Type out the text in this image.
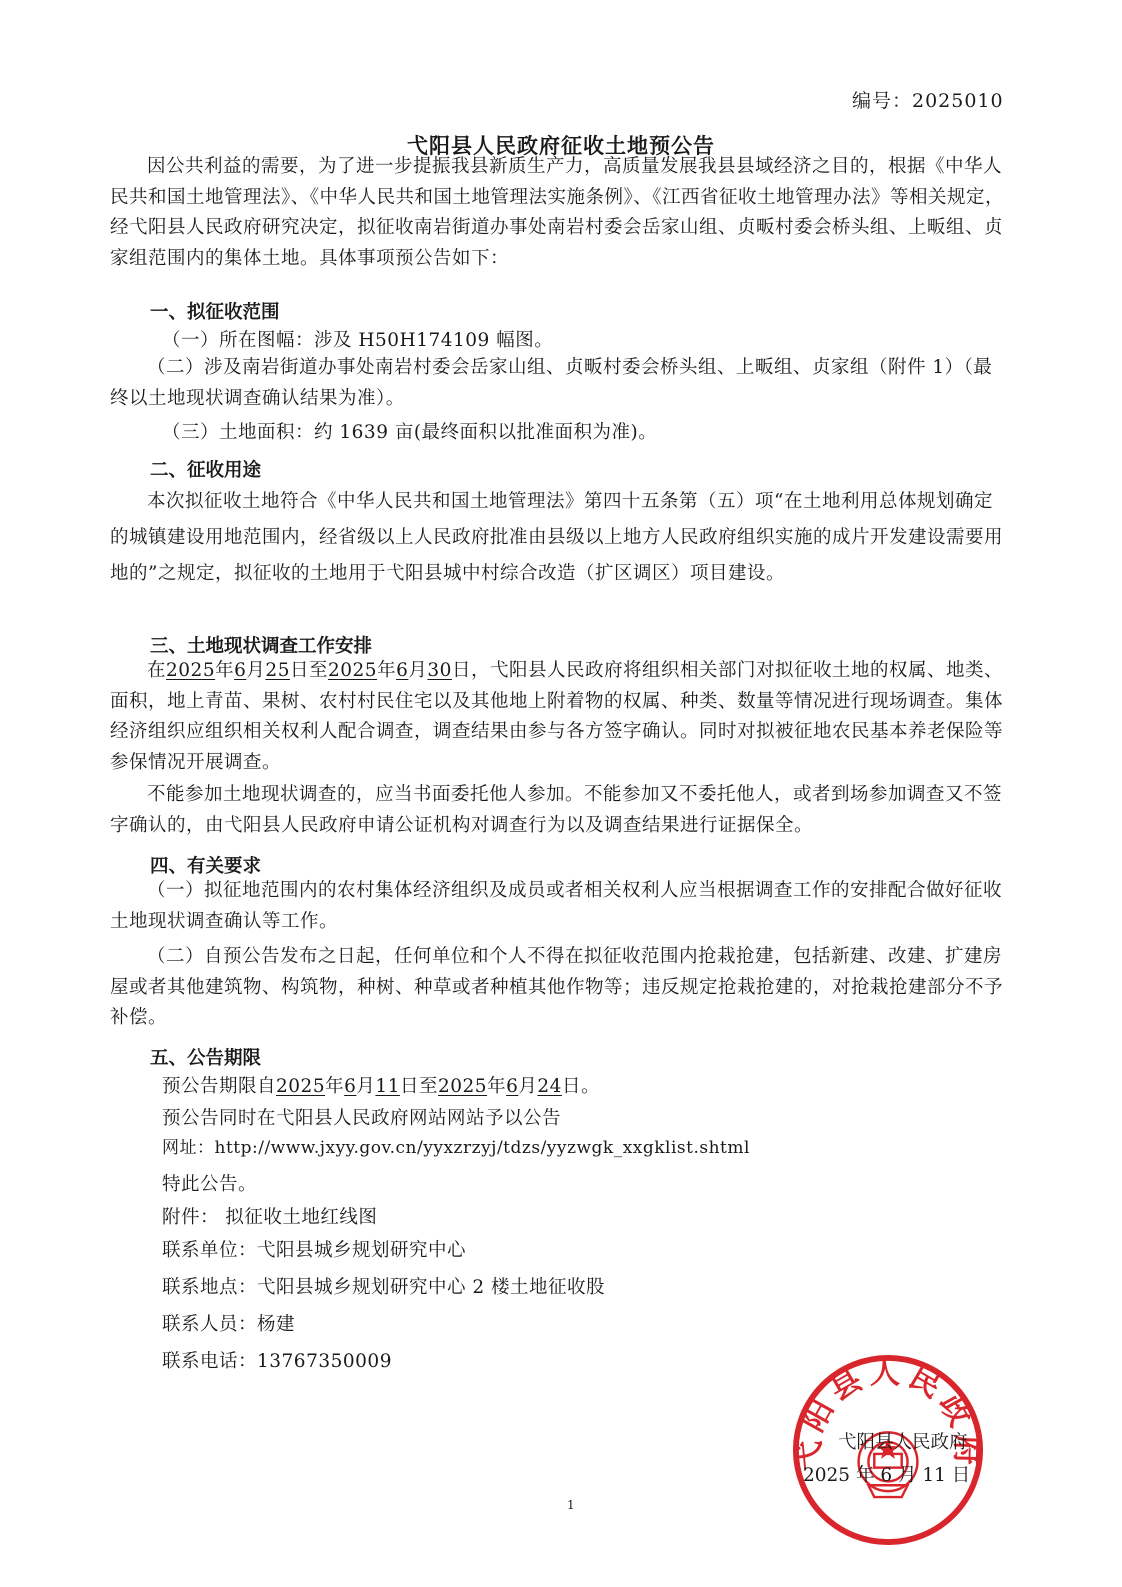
编号：2025010
弋阳县人民政府征收土地预公告
因公共利益的需要，为了进一步提振我县新质生产力，高质量发展我县县域经济之目的，根据《中华人民共和国土地管理法》、《中华人民共和国土地管理法实施条例》、《江西省征收土地管理办法》等相关规定，经弋阳县人民政府研究决定，拟征收南岩街道办事处南岩村委会岳家山组、贞畈村委会桥头组、上畈组、贞家组范围内的集体土地。具体事项预公告如下：
一、拟征收范围
（一）所在图幅：涉及 H50H174109 幅图。
（二）涉及南岩街道办事处南岩村委会岳家山组、贞畈村委会桥头组、上畈组、贞家组（附件 1）（最终以土地现状调查确认结果为准）。
（三）土地面积：约 1639 亩(最终面积以批准面积为准)。
二、征收用途
本次拟征收土地符合《中华人民共和国土地管理法》第四十五条第（五）项“在土地利用总体规划确定的城镇建设用地范围内，经省级以上人民政府批准由县级以上地方人民政府组织实施的成片开发建设需要用地的”之规定，拟征收的土地用于弋阳县城中村综合改造（扩区调区）项目建设。
三、土地现状调查工作安排
在2025年6月25日至2025年6月30日，弋阳县人民政府将组织相关部门对拟征收土地的权属、地类、面积，地上青苗、果树、农村村民住宅以及其他地上附着物的权属、种类、数量等情况进行现场调查。集体经济组织应组织相关权利人配合调查，调查结果由参与各方签字确认。同时对拟被征地农民基本养老保险等参保情况开展调查。
不能参加土地现状调查的，应当书面委托他人参加。不能参加又不委托他人，或者到场参加调查又不签字确认的，由弋阳县人民政府申请公证机构对调查行为以及调查结果进行证据保全。
四、有关要求
（一）拟征地范围内的农村集体经济组织及成员或者相关权利人应当根据调查工作的安排配合做好征收土地现状调查确认等工作。
（二）自预公告发布之日起，任何单位和个人不得在拟征收范围内抢栽抢建，包括新建、改建、扩建房屋或者其他建筑物、构筑物，种树、种草或者种植其他作物等；违反规定抢栽抢建的，对抢栽抢建部分不予补偿。
五、公告期限
预公告期限自2025年6月11日至2025年6月24日。
预公告同时在弋阳县人民政府网站网站予以公告
网址：http://www.jxyy.gov.cn/yyxzrzyj/tdzs/yyzwgk_xxgklist.shtml
特此公告。
附件： 拟征收土地红线图
联系单位：弋阳县城乡规划研究中心
联系地点：弋阳县城乡规划研究中心 2 楼土地征收股
联系人员：杨建
联系电话：13767350009
弋阳县人民政府
弋阳县人民政府
2025 年 6 月 11 日
1
